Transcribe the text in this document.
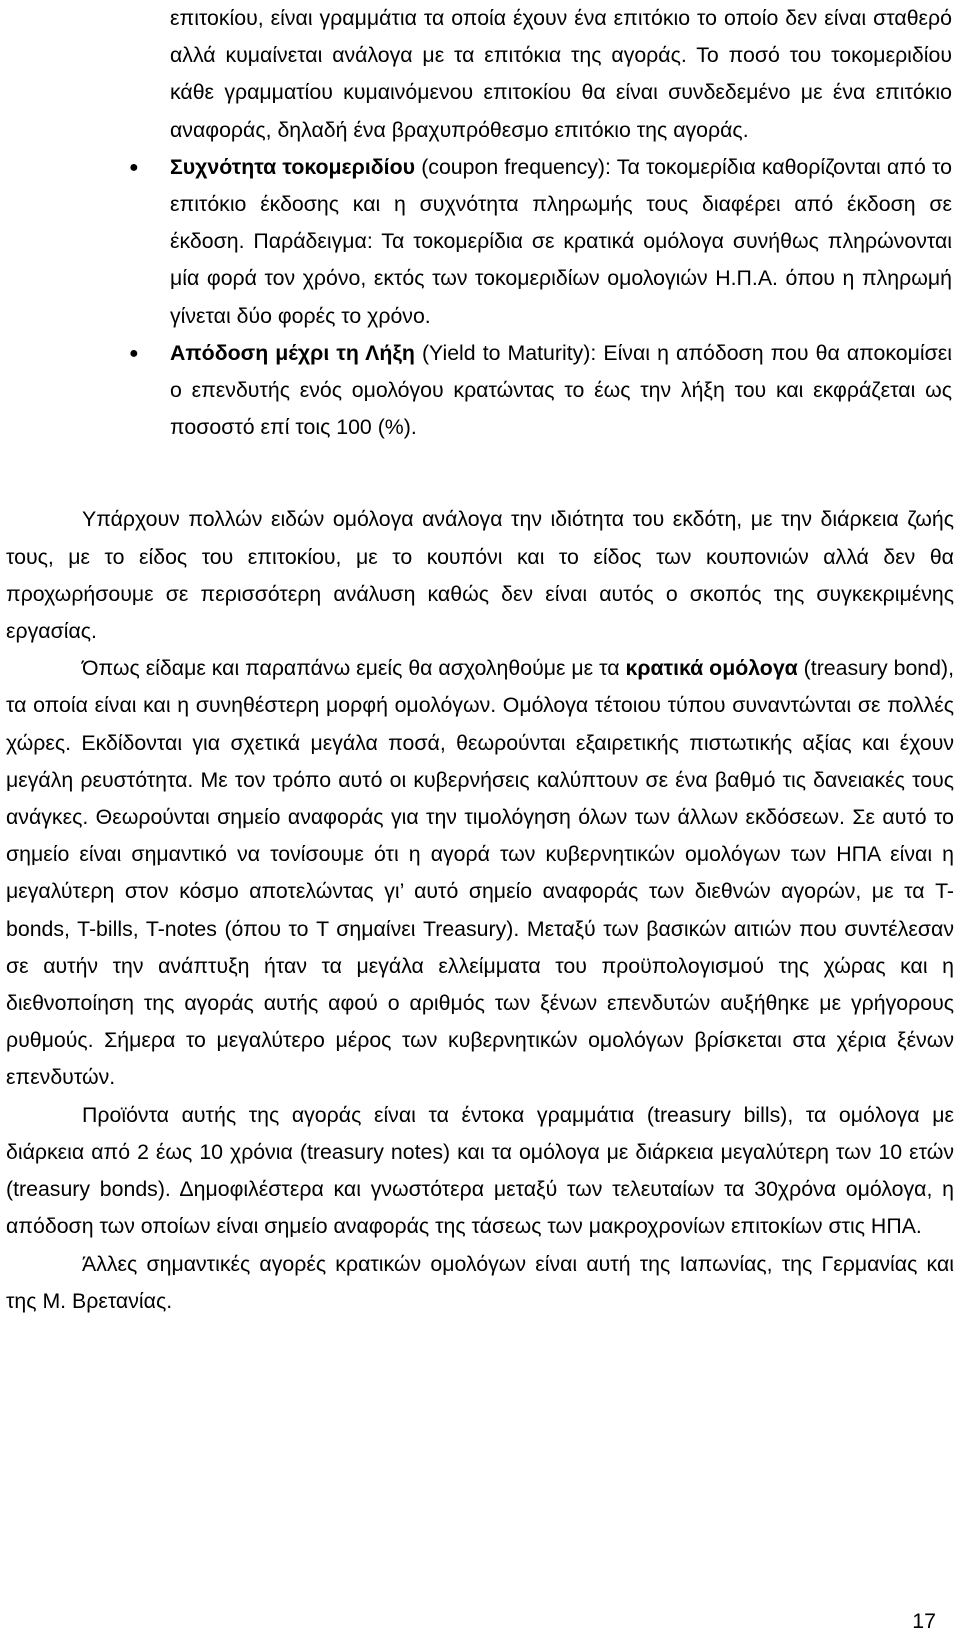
επιτοκίου, είναι γραμμάτια τα οποία έχουν ένα επιτόκιο το οποίο δεν είναι σταθερό αλλά κυμαίνεται ανάλογα με τα επιτόκια της αγοράς. Το ποσό του τοκομεριδίου κάθε γραμματίου κυμαινόμενου επιτοκίου θα είναι συνδεδεμένο με ένα επιτόκιο αναφοράς, δηλαδή ένα βραχυπρόθεσμο επιτόκιο της αγοράς.
● Συχνότητα τοκομεριδίου (coupon frequency): Τα τοκομερίδια καθορίζονται από το επιτόκιο έκδοσης και η συχνότητα πληρωμής τους διαφέρει από έκδοση σε έκδοση. Παράδειγμα: Τα τοκομερίδια σε κρατικά ομόλογα συνήθως πληρώνονται μία φορά τον χρόνο, εκτός των τοκομεριδίων ομολογιών Η.Π.Α. όπου η πληρωμή γίνεται δύο φορές το χρόνο.
● Απόδοση μέχρι τη Λήξη (Yield to Maturity): Είναι η απόδοση που θα αποκομίσει ο επενδυτής ενός ομολόγου κρατώντας το έως την λήξη του και εκφράζεται ως ποσοστό επί τοις 100 (%).

Υπάρχουν πολλών ειδών ομόλογα ανάλογα την ιδιότητα του εκδότη, με την διάρκεια ζωής τους, με το είδος του επιτοκίου, με το κουπόνι και το είδος των κουπονιών αλλά δεν θα προχωρήσουμε σε περισσότερη ανάλυση καθώς δεν είναι αυτός ο σκοπός της συγκεκριμένης εργασίας.

Όπως είδαμε και παραπάνω εμείς θα ασχοληθούμε με τα κρατικά ομόλογα (treasury bond), τα οποία είναι και η συνηθέστερη μορφή ομολόγων. Ομόλογα τέτοιου τύπου συναντώνται σε πολλές χώρες. Εκδίδονται για σχετικά μεγάλα ποσά, θεωρούνται εξαιρετικής πιστωτικής αξίας και έχουν μεγάλη ρευστότητα. Με τον τρόπο αυτό οι κυβερνήσεις καλύπτουν σε ένα βαθμό τις δανειακές τους ανάγκες. Θεωρούνται σημείο αναφοράς για την τιμολόγηση όλων των άλλων εκδόσεων. Σε αυτό το σημείο είναι σημαντικό να τονίσουμε ότι η αγορά των κυβερνητικών ομολόγων των ΗΠΑ είναι η μεγαλύτερη στον κόσμο αποτελώντας γι’ αυτό σημείο αναφοράς των διεθνών αγορών, με τα T-bonds, T-bills, T-notes (όπου το T σημαίνει Treasury). Μεταξύ των βασικών αιτιών που συντέλεσαν σε αυτήν την ανάπτυξη ήταν τα μεγάλα ελλείμματα του προϋπολογισμού της χώρας και η διεθνοποίηση της αγοράς αυτής αφού ο αριθμός των ξένων επενδυτών αυξήθηκε με γρήγορους ρυθμούς. Σήμερα το μεγαλύτερο μέρος των κυβερνητικών ομολόγων βρίσκεται στα χέρια ξένων επενδυτών.

Προϊόντα αυτής της αγοράς είναι τα έντοκα γραμμάτια (treasury bills), τα ομόλογα με διάρκεια από 2 έως 10 χρόνια (treasury notes) και τα ομόλογα με διάρκεια μεγαλύτερη των 10 ετών (treasury bonds). Δημοφιλέστερα και γνωστότερα μεταξύ των τελευταίων τα 30χρόνα ομόλογα, η απόδοση των οποίων είναι σημείο αναφοράς της τάσεως των μακροχρονίων επιτοκίων στις ΗΠΑ.

Άλλες σημαντικές αγορές κρατικών ομολόγων είναι αυτή της Ιαπωνίας, της Γερμανίας και της Μ. Βρετανίας.

17
